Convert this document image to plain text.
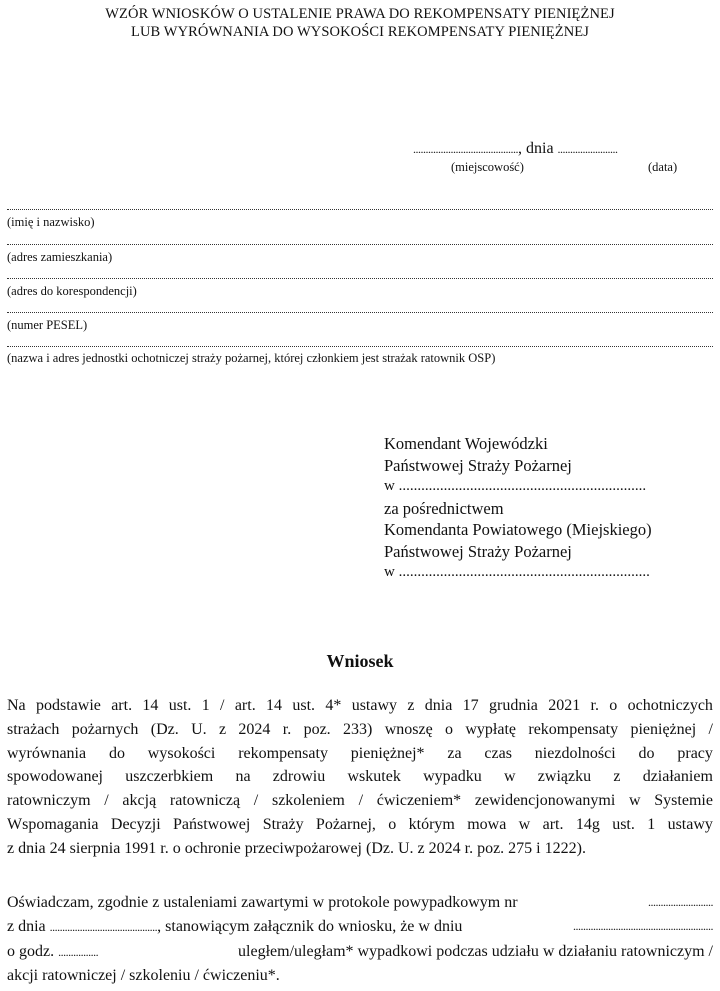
WZÓR WNIOSKÓW O USTALENIE PRAWA DO REKOMPENSATY PIENIĘŻNEJ
LUB WYRÓWNANIA DO WYSOKOŚCI REKOMPENSATY PIENIĘŻNEJ
.........................................., dnia ........................
(miejscowość)	(data)
(imię i nazwisko)
(adres zamieszkania)
(adres do korespondencji)
(numer PESEL)
(nazwa i adres jednostki ochotniczej straży pożarnej, której członkiem jest strażak ratownik OSP)
Komendant Wojewódzki
Państwowej Straży Pożarnej
w ..................................................................
za pośrednictwem
Komendanta Powiatowego (Miejskiego)
Państwowej Straży Pożarnej
w ...................................................................
Wniosek
Na podstawie art. 14 ust. 1 / art. 14 ust. 4* ustawy z dnia 17 grudnia 2021 r. o ochotniczych
strażach pożarnych (Dz. U. z 2024 r. poz. 233) wnoszę o wypłatę rekompensaty pieniężnej /
wyrównania do wysokości rekompensaty pieniężnej* za czas niezdolności do pracy
spowodowanej uszczerbkiem na zdrowiu wskutek wypadku w związku z działaniem
ratowniczym / akcją ratowniczą / szkoleniem / ćwiczeniem* zewidencjonowanymi w Systemie
Wspomagania Decyzji Państwowej Straży Pożarnej, o którym mowa w art. 14g ust. 1 ustawy
z dnia 24 sierpnia 1991 r. o ochronie przeciwpożarowej (Dz. U. z 2024 r. poz. 275 i 1222).
Oświadczam, zgodnie z ustaleniami zawartymi w protokole powypadkowym nr	..........................
z dnia ..........................................., stanowiącym załącznik do wniosku, że w dniu	........................................................
o godz. ................	uległem/uległam* wypadkowi podczas udziału w działaniu ratowniczym /
akcji ratowniczej / szkoleniu / ćwiczeniu*.
